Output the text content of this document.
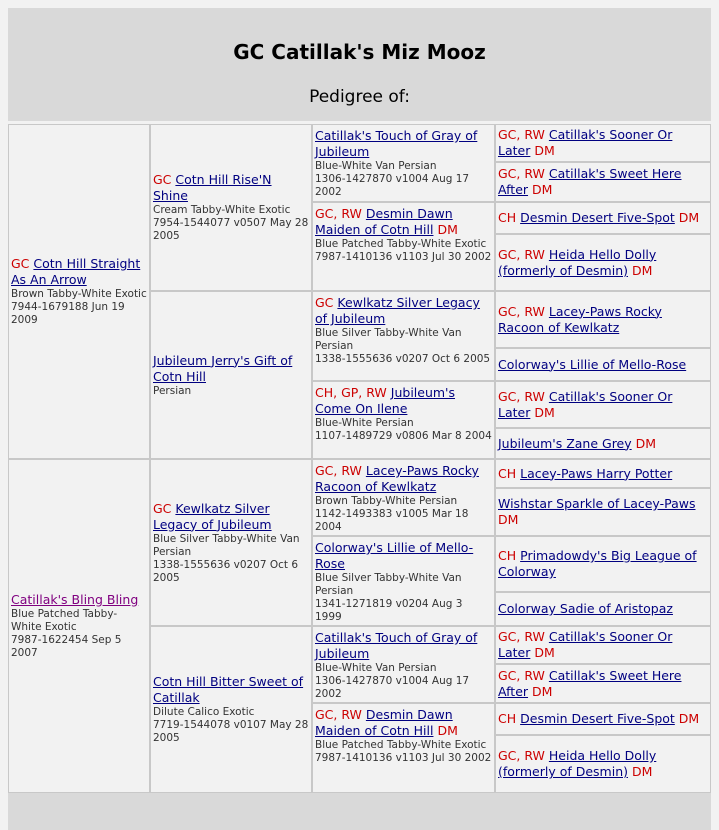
GC Catillak's Miz Mooz
Pedigree of:
GC Cotn Hill Straight As An Arrow
Brown Tabby-White Exotic
7944-1679188 Jun 19 2009
Catillak's Bling Bling
Blue Patched Tabby-White Exotic
7987-1622454 Sep 5 2007
GC Cotn Hill Rise'N Shine
Cream Tabby-White Exotic
7954-1544077 v0507 May 28 2005
Jubileum Jerry's Gift of Cotn Hill
Persian
GC Kewlkatz Silver Legacy of Jubileum
Blue Silver Tabby-White Van Persian
1338-1555636 v0207 Oct 6 2005
Cotn Hill Bitter Sweet of Catillak
Dilute Calico Exotic
7719-1544078 v0107 May 28 2005
Catillak's Touch of Gray of Jubileum
Blue-White Van Persian
1306-1427870 v1004 Aug 17 2002
GC, RW Desmin Dawn Maiden of Cotn Hill DM
Blue Patched Tabby-White Exotic
7987-1410136 v1103 Jul 30 2002
GC Kewlkatz Silver Legacy of Jubileum
Blue Silver Tabby-White Van Persian
1338-1555636 v0207 Oct 6 2005
CH, GP, RW Jubileum's Come On Ilene
Blue-White Persian
1107-1489729 v0806 Mar 8 2004
GC, RW Lacey-Paws Rocky Racoon of Kewlkatz
Brown Tabby-White Persian
1142-1493383 v1005 Mar 18 2004
Colorway's Lillie of Mello-Rose
Blue Silver Tabby-White Van Persian
1341-1271819 v0204 Aug 3 1999
Catillak's Touch of Gray of Jubileum
Blue-White Van Persian
1306-1427870 v1004 Aug 17 2002
GC, RW Desmin Dawn Maiden of Cotn Hill DM
Blue Patched Tabby-White Exotic
7987-1410136 v1103 Jul 30 2002
GC, RW Catillak's Sooner Or Later DM
GC, RW Catillak's Sweet Here After DM
CH Desmin Desert Five-Spot DM
GC, RW Heida Hello Dolly (formerly of Desmin) DM
GC, RW Lacey-Paws Rocky Racoon of Kewlkatz
Colorway's Lillie of Mello-Rose
GC, RW Catillak's Sooner Or Later DM
Jubileum's Zane Grey DM
CH Lacey-Paws Harry Potter
Wishstar Sparkle of Lacey-Paws DM
CH Primadowdy's Big League of Colorway
Colorway Sadie of Aristopaz
GC, RW Catillak's Sooner Or Later DM
GC, RW Catillak's Sweet Here After DM
CH Desmin Desert Five-Spot DM
GC, RW Heida Hello Dolly (formerly of Desmin) DM
